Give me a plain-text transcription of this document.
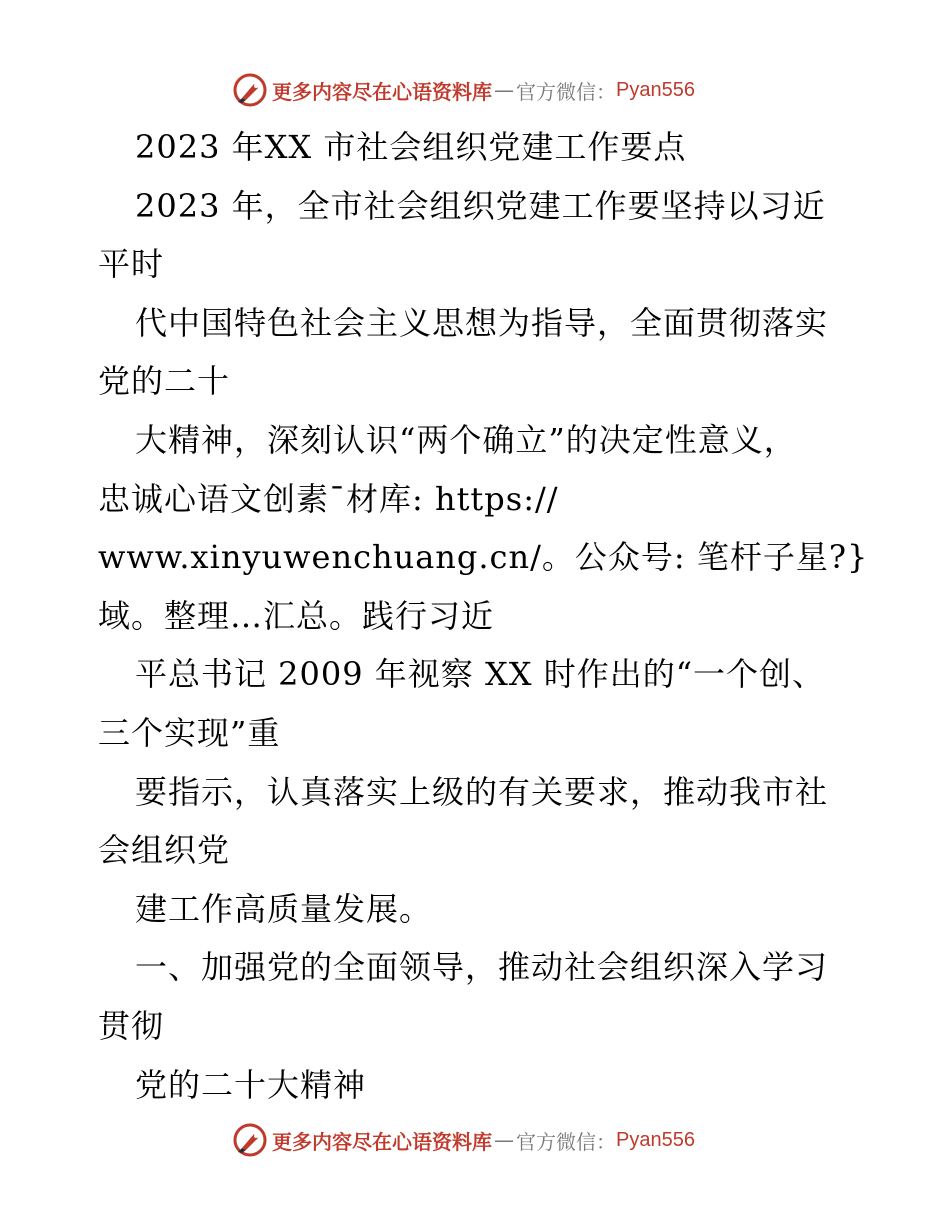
更多内容尽在心语资料库 — 官方微信： Pyan556
2023 年XX 市社会组织党建工作要点
2023 年，全市社会组织党建工作要坚持以习近
平时
代中国特色社会主义思想为指导，全面贯彻落实
党的二十
大精神，深刻认识“两个确立”的决定性意义，
忠诚心语文创素¯材库: https://
www.xinyuwenchuang.cn/。公众号: 笔杆子星?}
域。整理…汇总。践行习近
平总书记 2009 年视察 XX 时作出的“一个创、
三个实现”重
要指示，认真落实上级的有关要求，推动我市社
会组织党
建工作高质量发展。
一、加强党的全面领导，推动社会组织深入学习
贯彻
党的二十大精神
更多内容尽在心语资料库 — 官方微信： Pyan556
